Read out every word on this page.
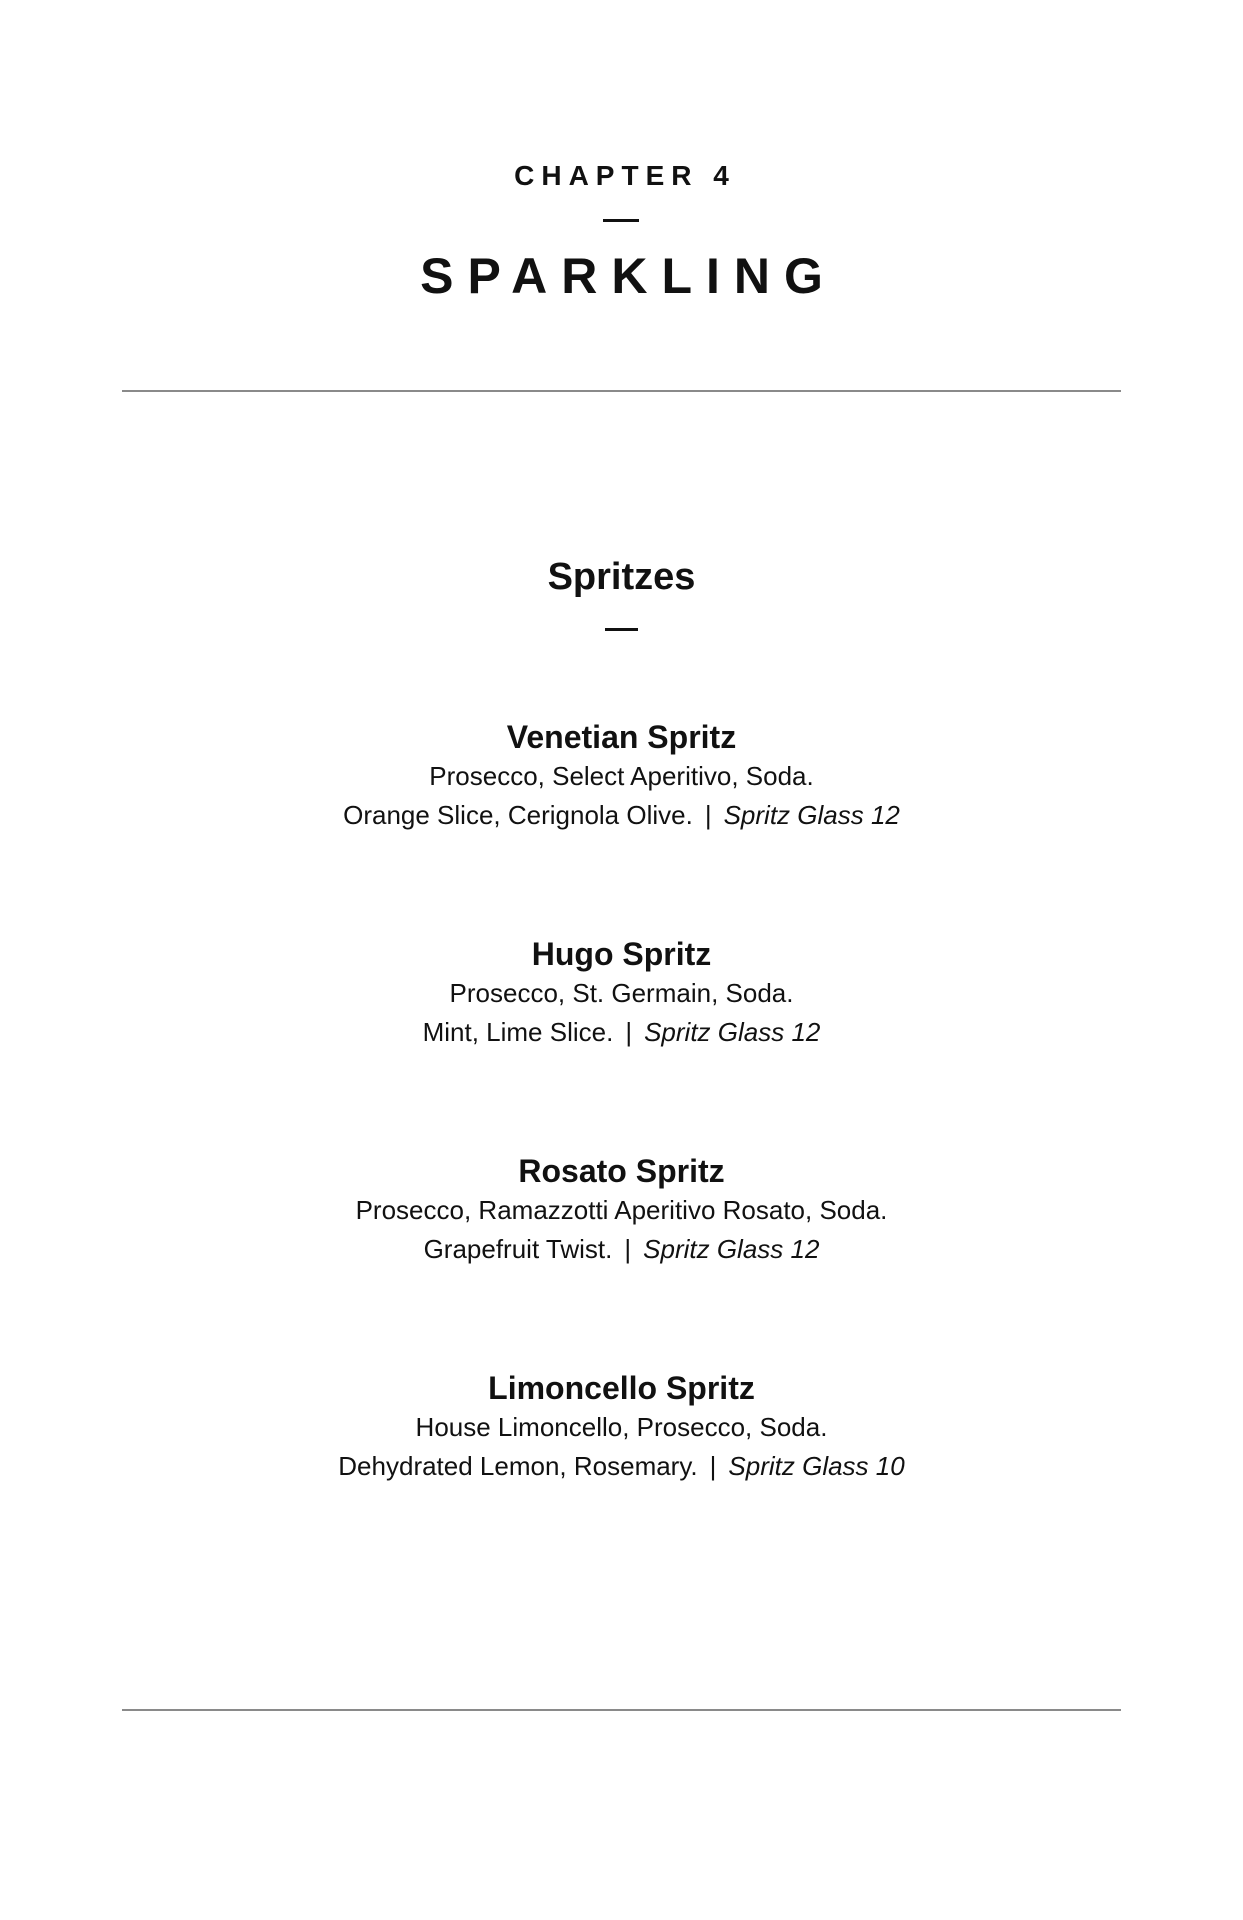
CHAPTER 4
SPARKLING
Spritzes

Venetian Spritz

Prosecco, Select Aperitivo, Soda.

Orange Slice, Cerignola Olive. | Spritz Glass 12

Hugo Spritz

Prosecco, St. Germain, Soda.

Mint, Lime Slice. | Spritz Glass 12

Rosato Spritz

Prosecco, Ramazzotti Aperitivo Rosato, Soda.

Grapefruit Twist. | Spritz Glass 12

Limoncello Spritz

House Limoncello, Prosecco, Soda.

Dehydrated Lemon, Rosemary. | Spritz Glass 10
